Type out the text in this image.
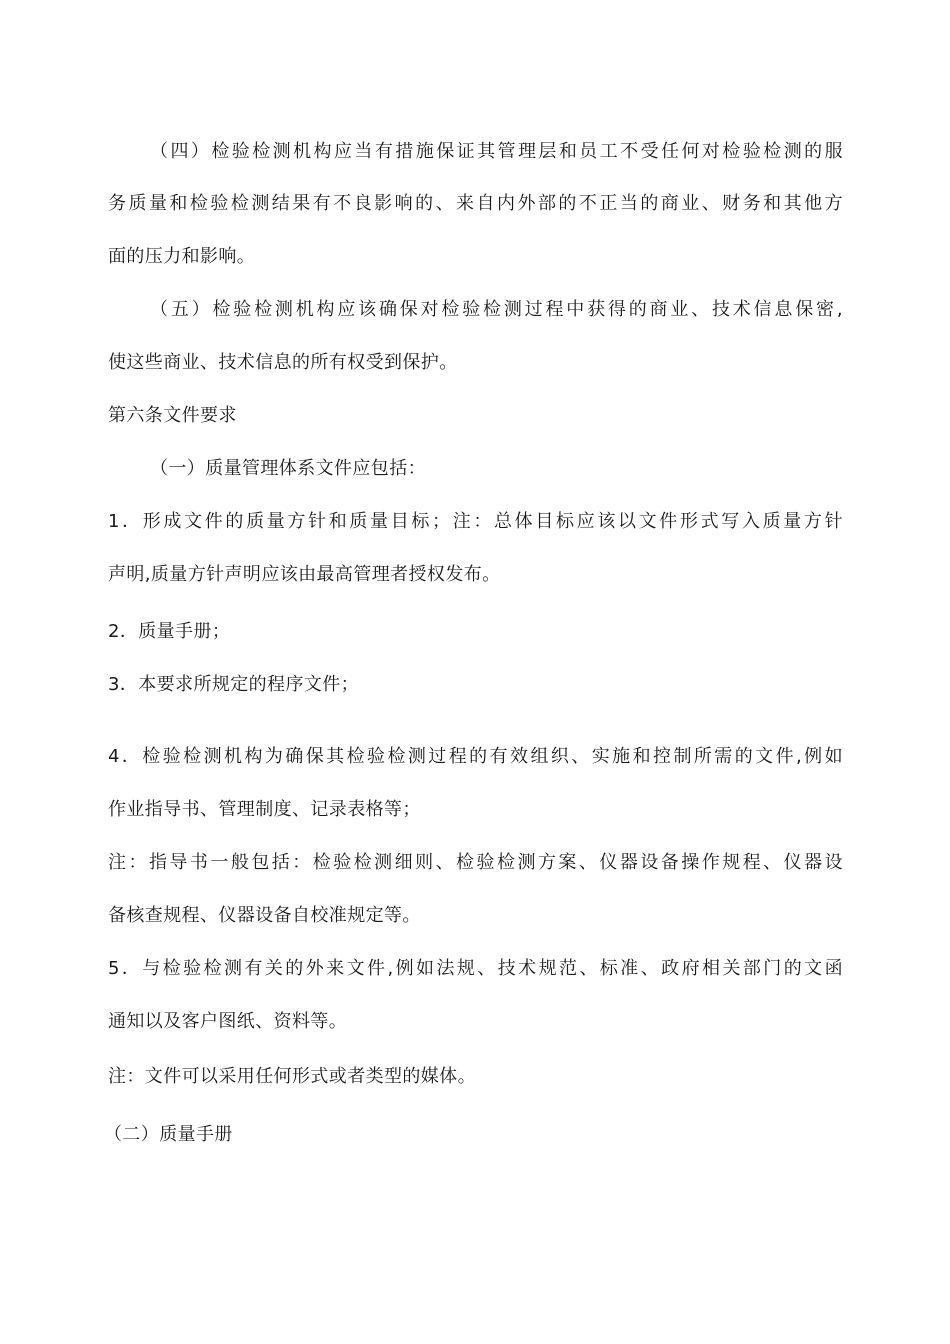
（四）检验检测机构应当有措施保证其管理层和员工不受任何对检验检测的服
务质量和检验检测结果有不良影响的、来自内外部的不正当的商业、财务和其他方
面的压力和影响。
（五）检验检测机构应该确保对检验检测过程中获得的商业、技术信息保密,
使这些商业、技术信息的所有权受到保护。
第六条文件要求
（一）质量管理体系文件应包括：
1．形成文件的质量方针和质量目标；注：总体目标应该以文件形式写入质量方针
声明,质量方针声明应该由最高管理者授权发布。
2．质量手册；
3．本要求所规定的程序文件；
4．检验检测机构为确保其检验检测过程的有效组织、实施和控制所需的文件,例如
作业指导书、管理制度、记录表格等；
注：指导书一般包括：检验检测细则、检验检测方案、仪器设备操作规程、仪器设
备核查规程、仪器设备自校准规定等。
5．与检验检测有关的外来文件,例如法规、技术规范、标准、政府相关部门的文函
通知以及客户图纸、资料等。
注：文件可以采用任何形式或者类型的媒体。
（二）质量手册
